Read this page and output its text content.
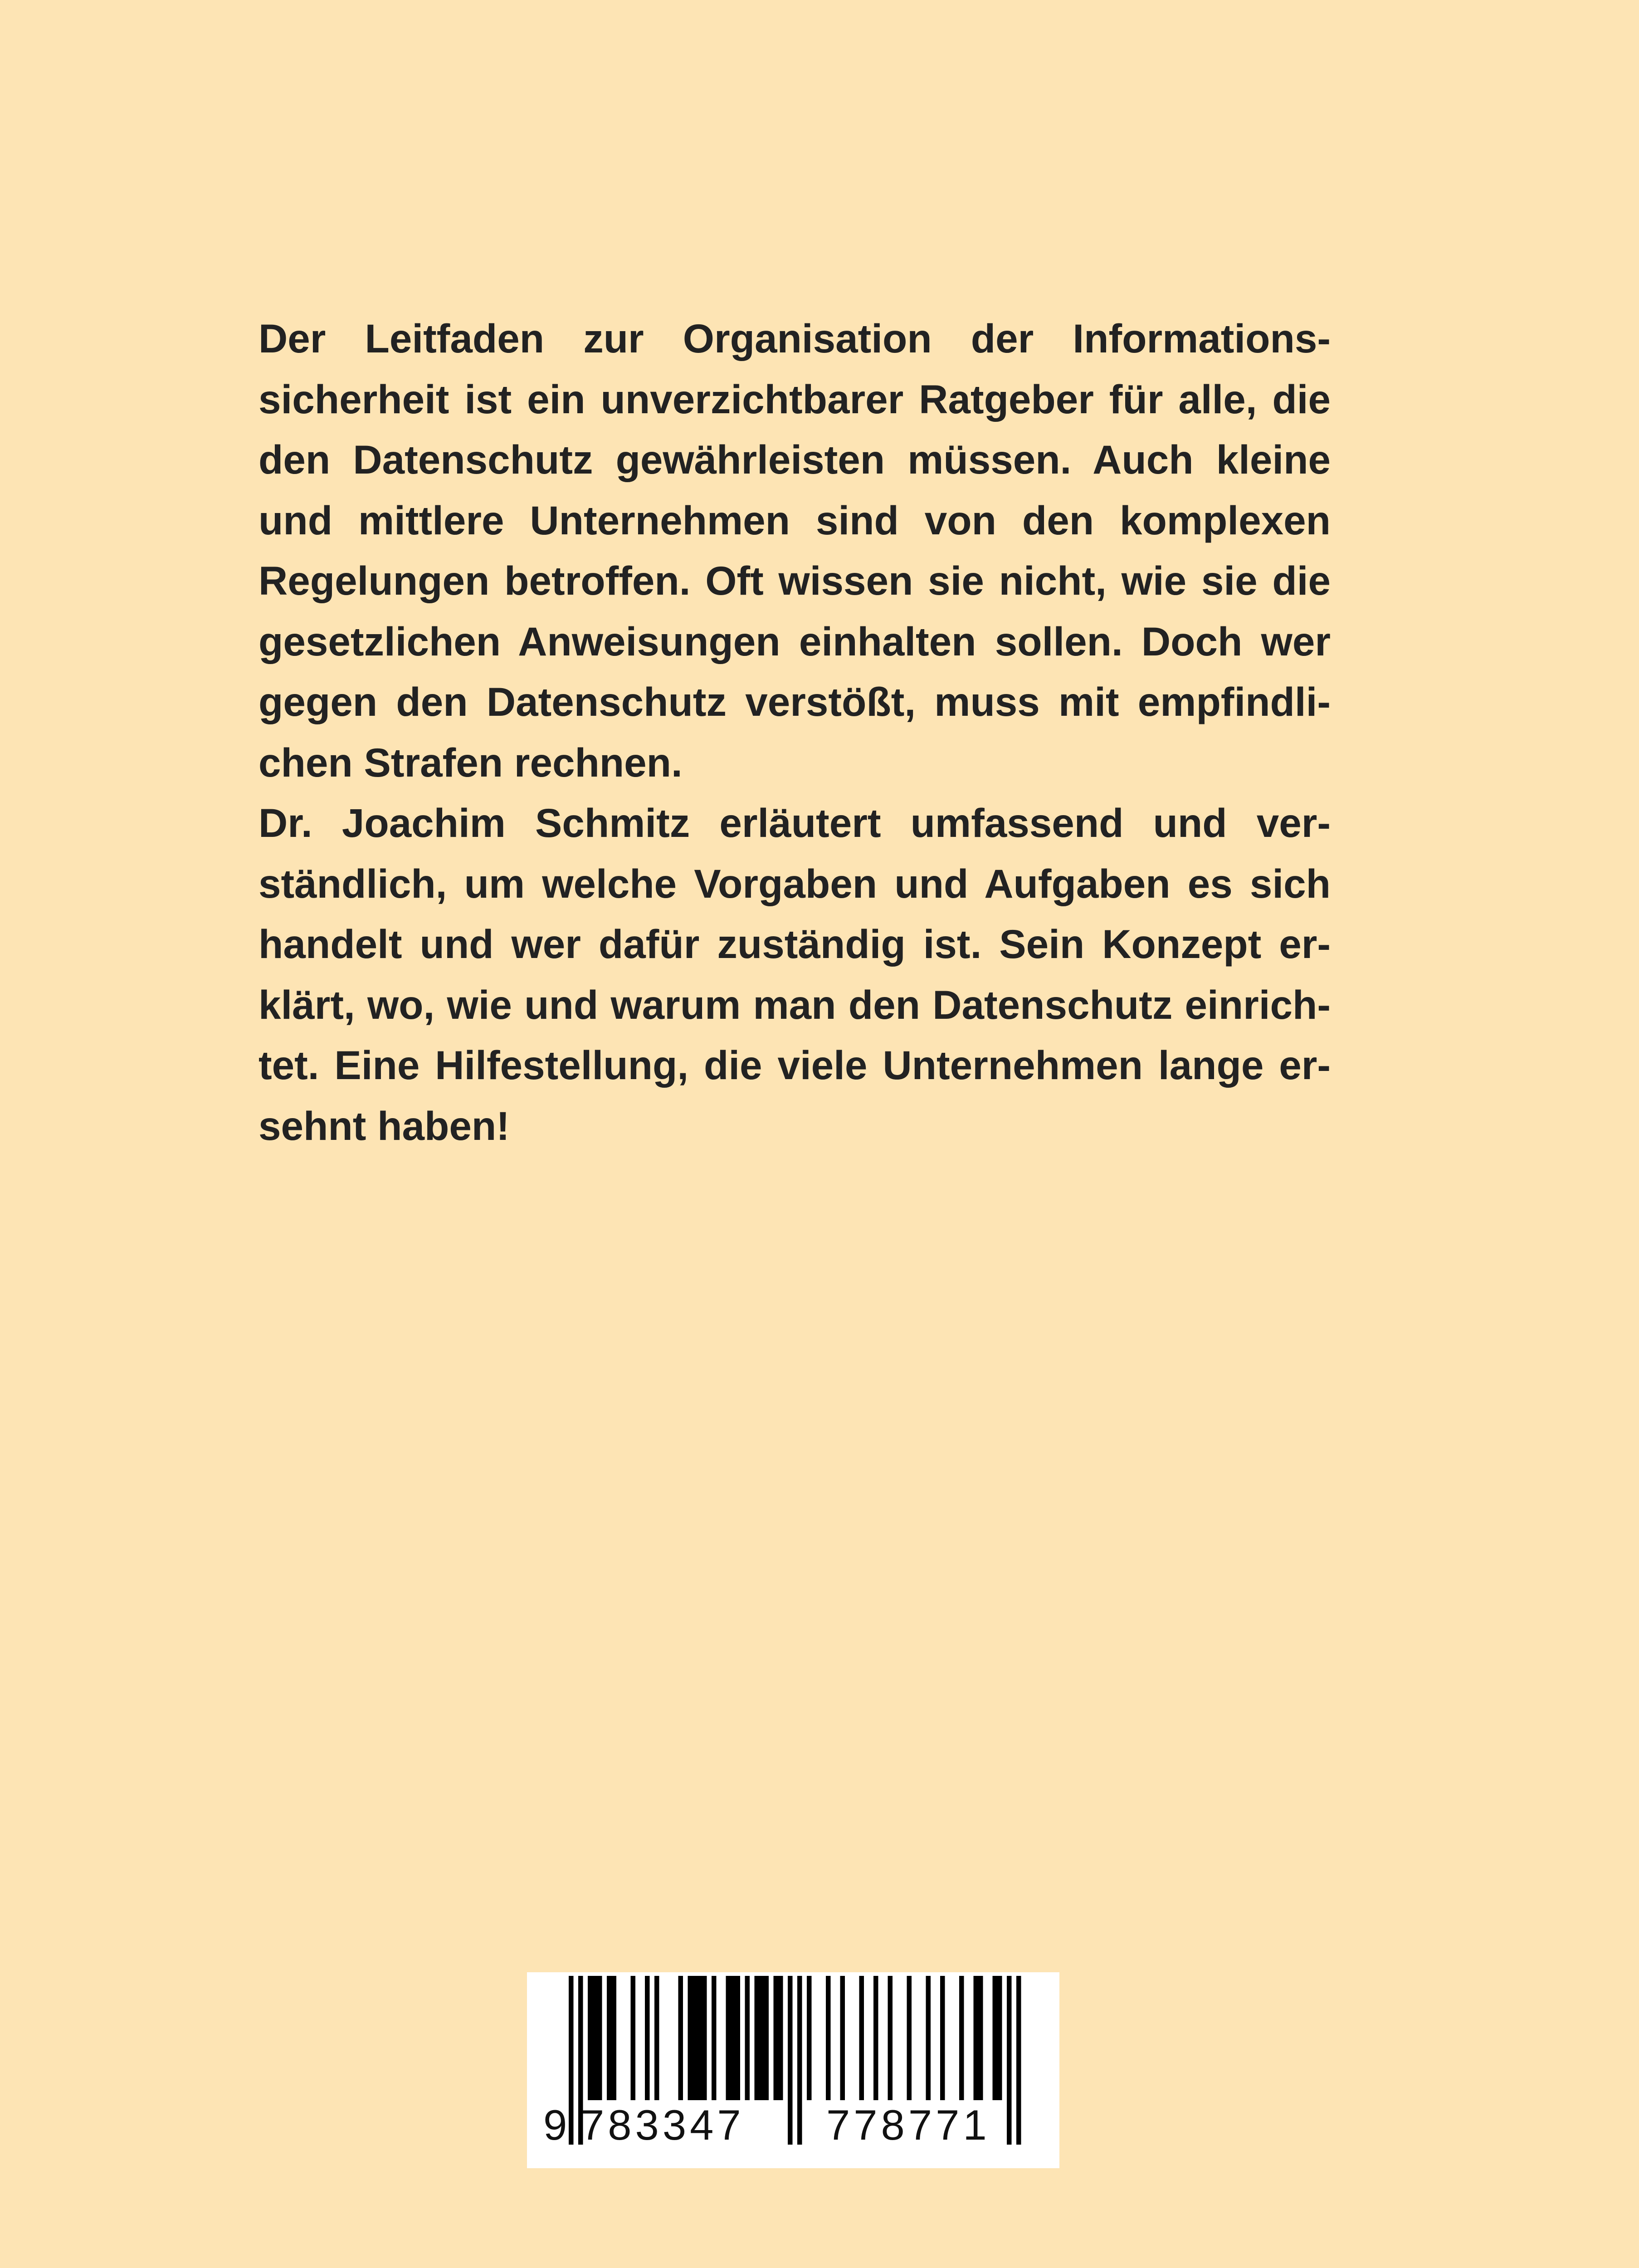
Der Leitfaden zur Organisation der Informations-
sicherheit ist ein unverzichtbarer Ratgeber für alle, die
den Datenschutz gewährleisten müssen. Auch kleine
und mittlere Unternehmen sind von den komplexen
Regelungen betroffen. Oft wissen sie nicht, wie sie die
gesetzlichen Anweisungen einhalten sollen. Doch wer
gegen den Datenschutz verstößt, muss mit empfindli-
chen Strafen rechnen.
Dr. Joachim Schmitz erläutert umfassend und ver-
ständlich, um welche Vorgaben und Aufgaben es sich
handelt und wer dafür zuständig ist. Sein Konzept er-
klärt, wo, wie und warum man den Datenschutz einrich-
tet. Eine Hilfestellung, die viele Unternehmen lange er-
sehnt haben!
9 783347 778771
